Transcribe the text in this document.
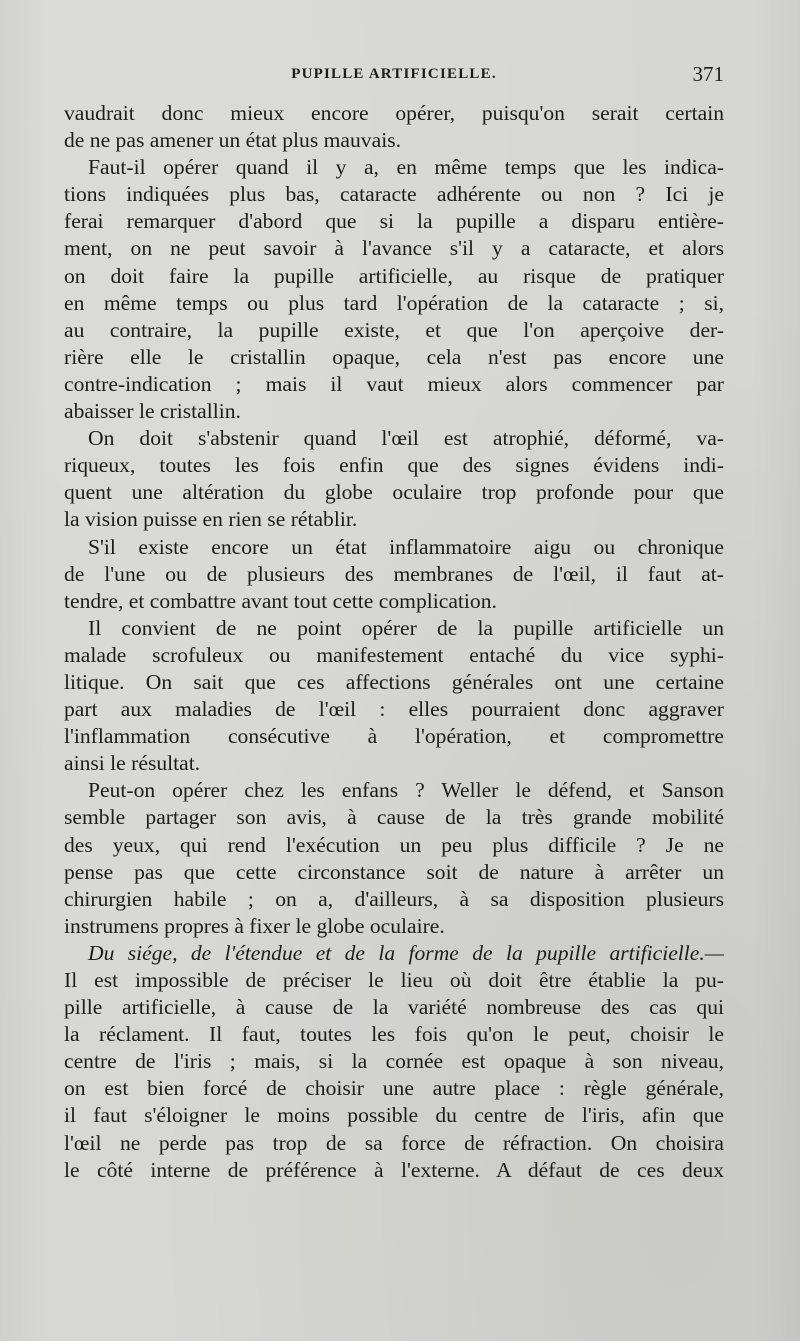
PUPILLE ARTIFICIELLE.	371
vaudrait donc mieux encore opérer, puisqu'on serait certain
de ne pas amener un état plus mauvais.
Faut-il opérer quand il y a, en même temps que les indica-
tions indiquées plus bas, cataracte adhérente ou non ? Ici je
ferai remarquer d'abord que si la pupille a disparu entière-
ment, on ne peut savoir à l'avance s'il y a cataracte, et alors
on doit faire la pupille artificielle, au risque de pratiquer
en même temps ou plus tard l'opération de la cataracte ; si,
au contraire, la pupille existe, et que l'on aperçoive der-
rière elle le cristallin opaque, cela n'est pas encore une
contre-indication ; mais il vaut mieux alors commencer par
abaisser le cristallin.
On doit s'abstenir quand l'œil est atrophié, déformé, va-
riqueux, toutes les fois enfin que des signes évidens indi-
quent une altération du globe oculaire trop profonde pour que
la vision puisse en rien se rétablir.
S'il existe encore un état inflammatoire aigu ou chronique
de l'une ou de plusieurs des membranes de l'œil, il faut at-
tendre, et combattre avant tout cette complication.
Il convient de ne point opérer de la pupille artificielle un
malade scrofuleux ou manifestement entaché du vice syphi-
litique. On sait que ces affections générales ont une certaine
part aux maladies de l'œil : elles pourraient donc aggraver
l'inflammation consécutive à l'opération, et compromettre
ainsi le résultat.
Peut-on opérer chez les enfans ? Weller le défend, et Sanson
semble partager son avis, à cause de la très grande mobilité
des yeux, qui rend l'exécution un peu plus difficile ? Je ne
pense pas que cette circonstance soit de nature à arrêter un
chirurgien habile ; on a, d'ailleurs, à sa disposition plusieurs
instrumens propres à fixer le globe oculaire.
Du siége, de l'étendue et de la forme de la pupille artificielle.—
Il est impossible de préciser le lieu où doit être établie la pu-
pille artificielle, à cause de la variété nombreuse des cas qui
la réclament. Il faut, toutes les fois qu'on le peut, choisir le
centre de l'iris ; mais, si la cornée est opaque à son niveau,
on est bien forcé de choisir une autre place : règle générale,
il faut s'éloigner le moins possible du centre de l'iris, afin que
l'œil ne perde pas trop de sa force de réfraction. On choisira
le côté interne de préférence à l'externe. A défaut de ces deux
